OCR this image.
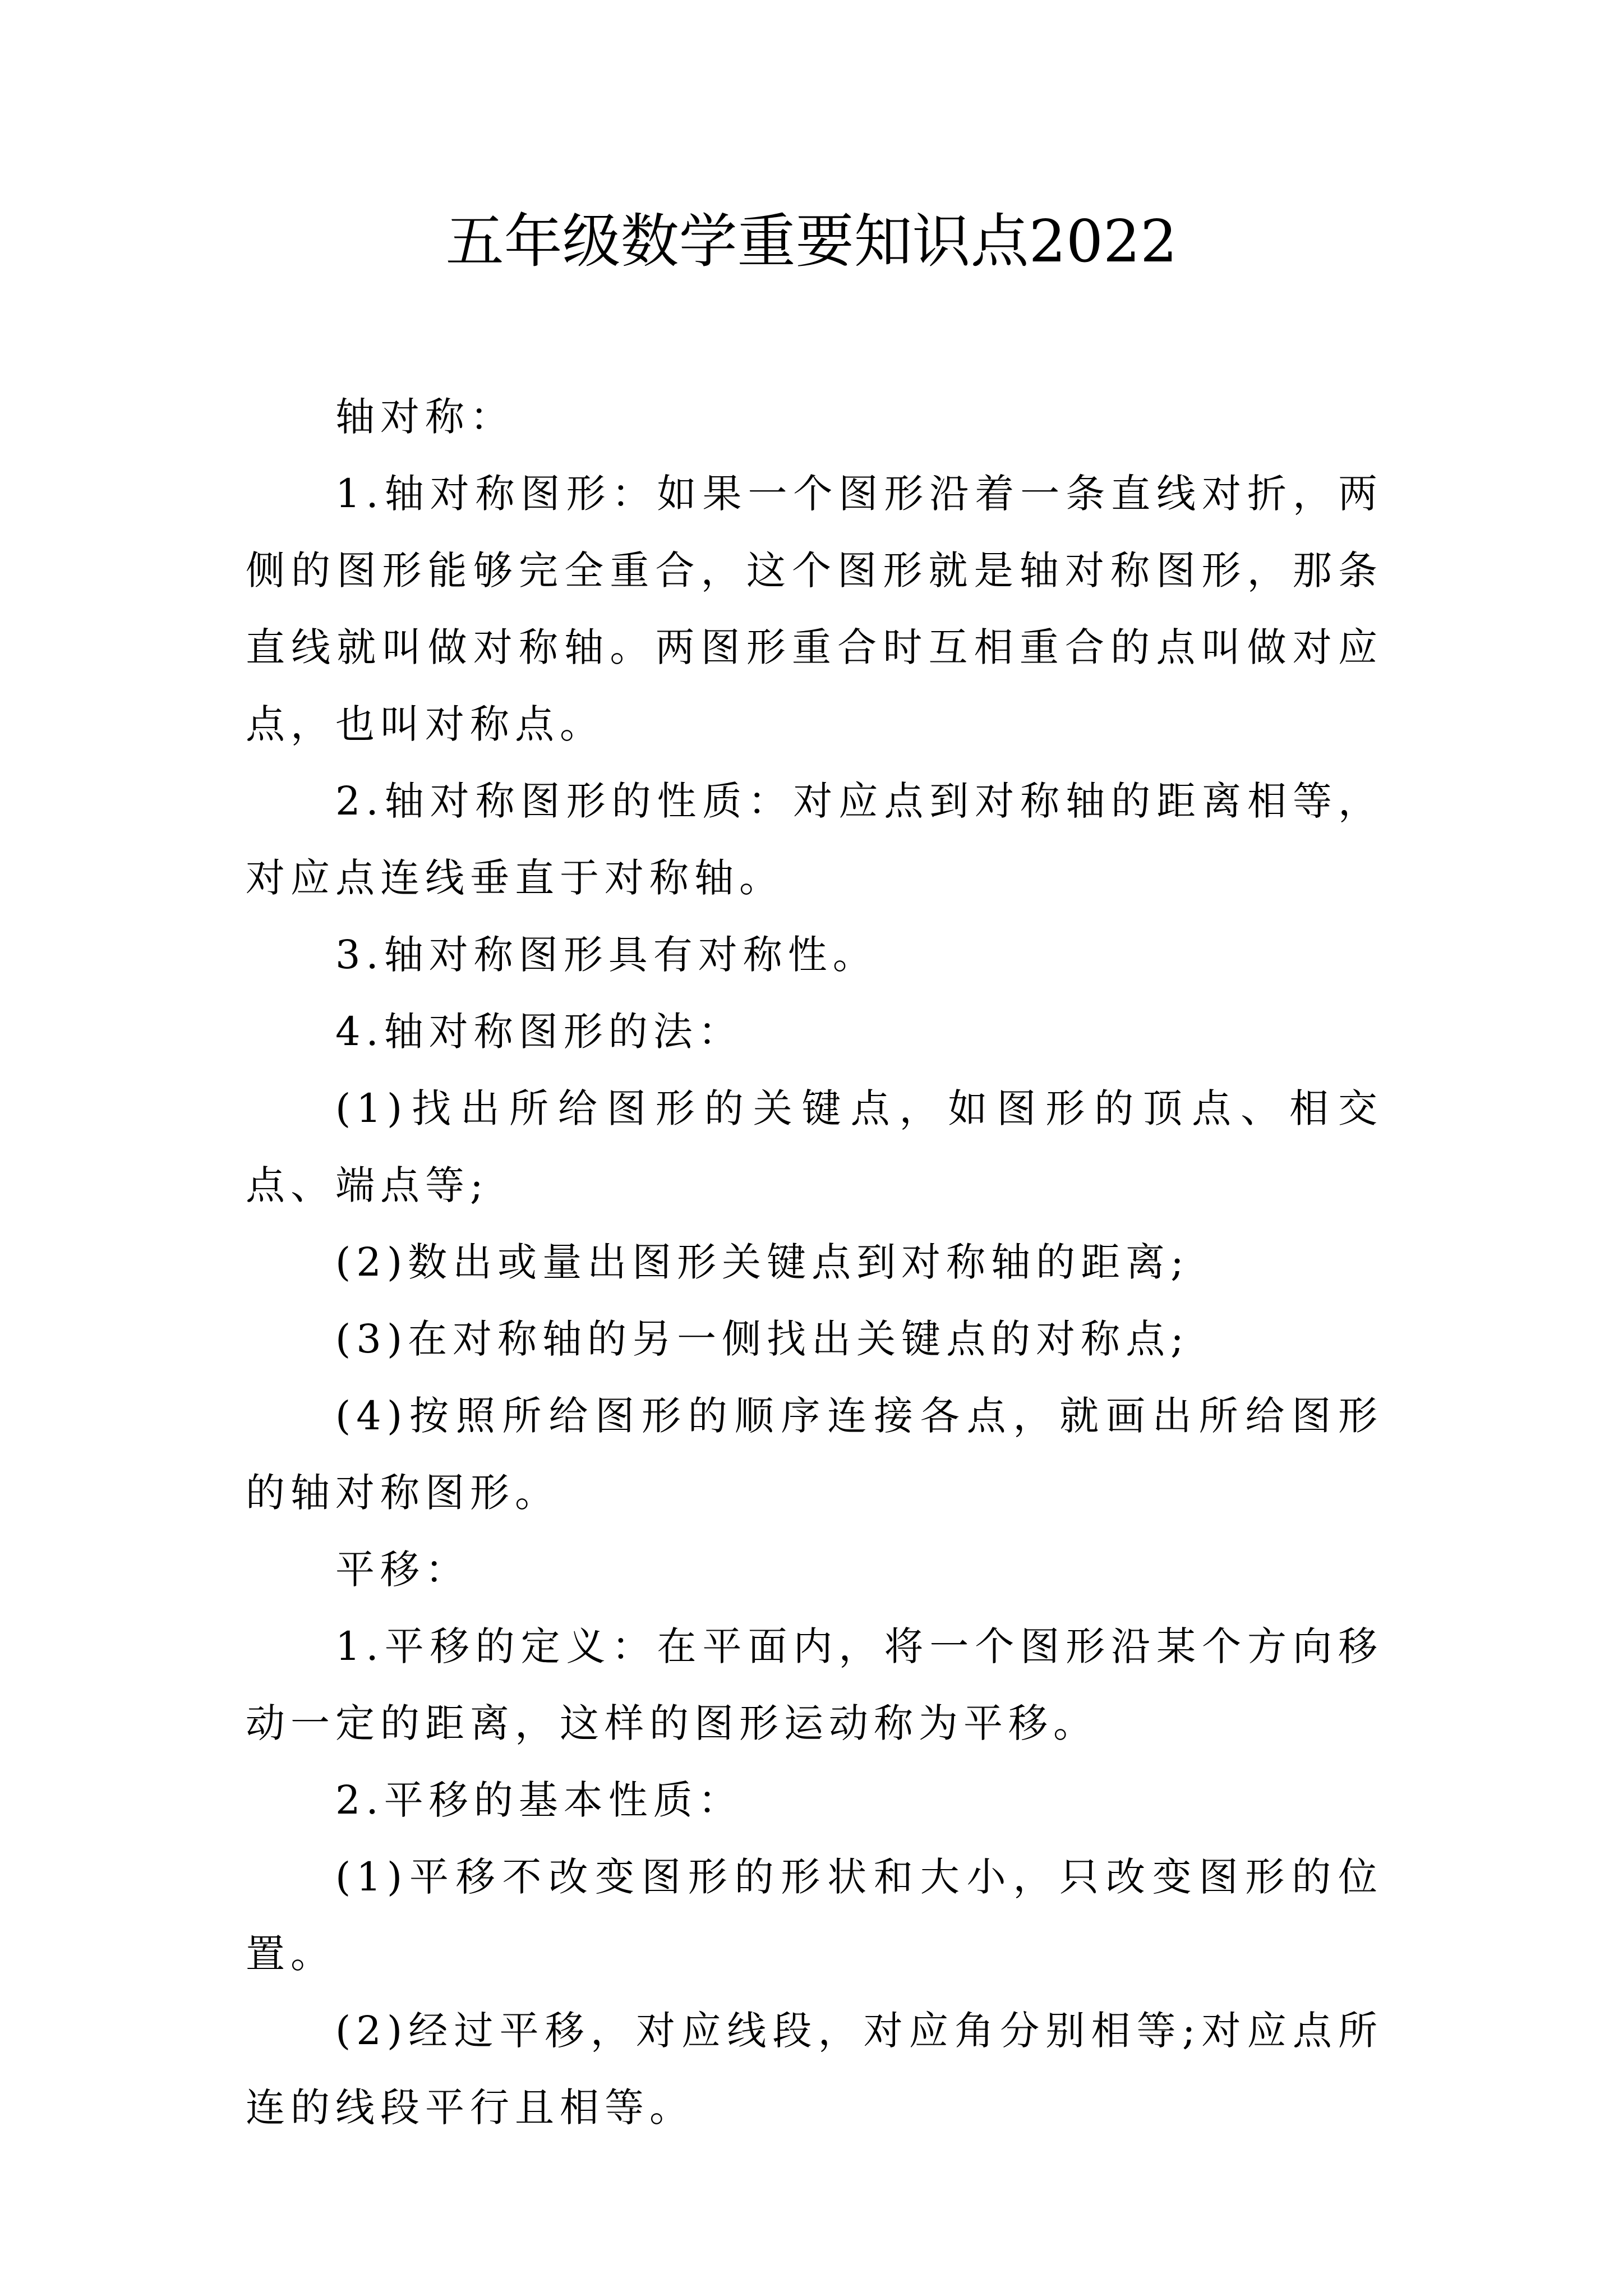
五年级数学重要知识点2022

轴对称：

1.轴对称图形：如果一个图形沿着一条直线对折，两侧的图形能够完全重合，这个图形就是轴对称图形，那条直线就叫做对称轴。两图形重合时互相重合的点叫做对应点，也叫对称点。

2.轴对称图形的性质：对应点到对称轴的距离相等，对应点连线垂直于对称轴。

3.轴对称图形具有对称性。

4.轴对称图形的法：

(1)找出所给图形的关键点，如图形的顶点、相交点、端点等;

(2)数出或量出图形关键点到对称轴的距离;

(3)在对称轴的另一侧找出关键点的对称点;

(4)按照所给图形的顺序连接各点，就画出所给图形的轴对称图形。

平移：

1.平移的定义：在平面内，将一个图形沿某个方向移动一定的距离，这样的图形运动称为平移。

2.平移的基本性质：

(1)平移不改变图形的形状和大小，只改变图形的位置。

(2)经过平移，对应线段，对应角分别相等;对应点所连的线段平行且相等。
